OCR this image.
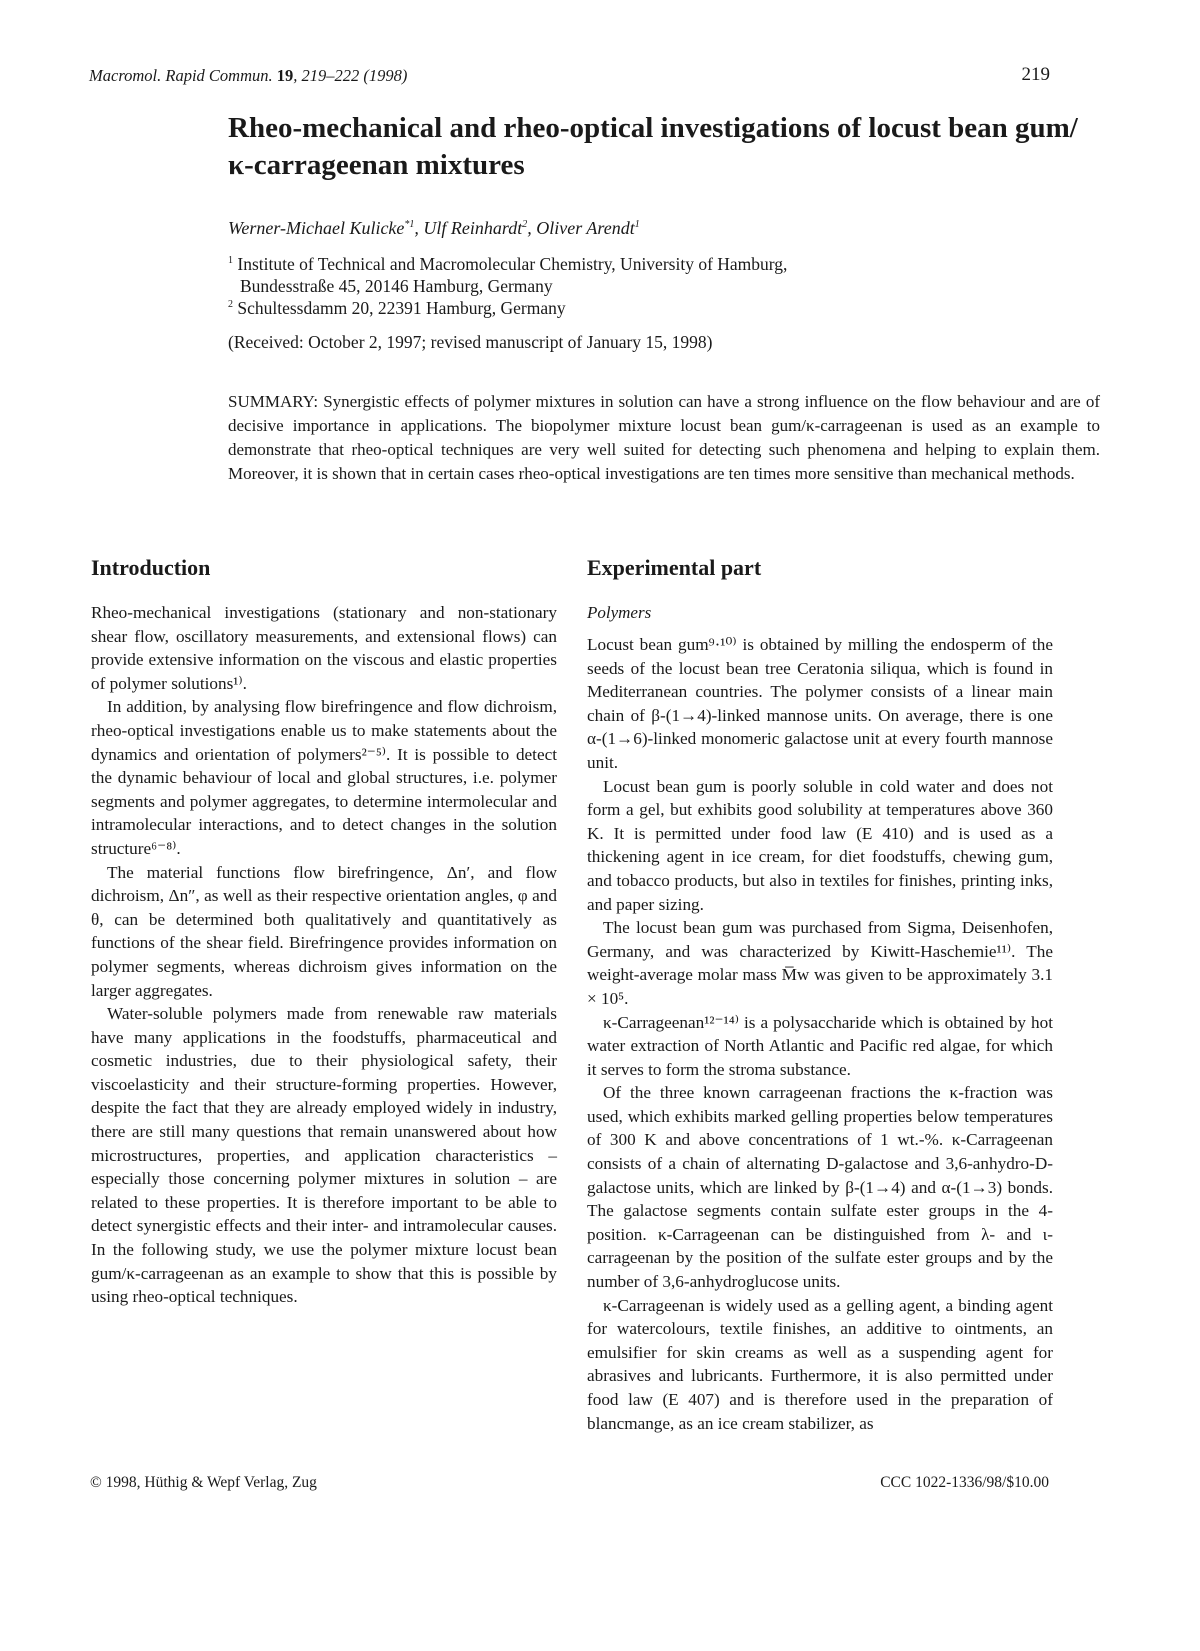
Macromol. Rapid Commun. 19, 219–222 (1998)	219
Rheo-mechanical and rheo-optical investigations of locust bean gum/κ-carrageenan mixtures
Werner-Michael Kulicke$^{*1}$, Ulf Reinhardt$^2$, Oliver Arendt$^1$
$^1$ Institute of Technical and Macromolecular Chemistry, University of Hamburg,
Bundesstraße 45, 20146 Hamburg, Germany
$^2$ Schultessdamm 20, 22391 Hamburg, Germany
(Received: October 2, 1997; revised manuscript of January 15, 1998)
SUMMARY: Synergistic effects of polymer mixtures in solution can have a strong influence on the flow behaviour and are of decisive importance in applications. The biopolymer mixture locust bean gum/κ-carrageenan is used as an example to demonstrate that rheo-optical techniques are very well suited for detecting such phenomena and helping to explain them. Moreover, it is shown that in certain cases rheo-optical investigations are ten times more sensitive than mechanical methods.
Introduction

Rheo-mechanical investigations (stationary and non-stationary shear flow, oscillatory measurements, and extensional flows) can provide extensive information on the viscous and elastic properties of polymer solutions¹⁾.

In addition, by analysing flow birefringence and flow dichroism, rheo-optical investigations enable us to make statements about the dynamics and orientation of polymers²⁻⁵⁾. It is possible to detect the dynamic behaviour of local and global structures, i.e. polymer segments and polymer aggregates, to determine intermolecular and intramolecular interactions, and to detect changes in the solution structure⁶⁻⁸⁾.

The material functions flow birefringence, Δn′, and flow dichroism, Δn″, as well as their respective orientation angles, φ and θ, can be determined both qualitatively and quantitatively as functions of the shear field. Birefringence provides information on polymer segments, whereas dichroism gives information on the larger aggregates.

Water-soluble polymers made from renewable raw materials have many applications in the foodstuffs, pharmaceutical and cosmetic industries, due to their physiological safety, their viscoelasticity and their structure-forming properties. However, despite the fact that they are already employed widely in industry, there are still many questions that remain unanswered about how microstructures, properties, and application characteristics – especially those concerning polymer mixtures in solution – are related to these properties. It is therefore important to be able to detect synergistic effects and their inter- and intramolecular causes. In the following study, we use the polymer mixture locust bean gum/κ-carrageenan as an example to show that this is possible by using rheo-optical techniques.

Experimental part
Polymers

Locust bean gum⁹·¹⁰⁾ is obtained by milling the endosperm of the seeds of the locust bean tree Ceratonia siliqua, which is found in Mediterranean countries. The polymer consists of a linear main chain of β-(1→4)-linked mannose units. On average, there is one α-(1→6)-linked monomeric galactose unit at every fourth mannose unit.

Locust bean gum is poorly soluble in cold water and does not form a gel, but exhibits good solubility at temperatures above 360 K. It is permitted under food law (E 410) and is used as a thickening agent in ice cream, for diet foodstuffs, chewing gum, and tobacco products, but also in textiles for finishes, printing inks, and paper sizing.

The locust bean gum was purchased from Sigma, Deisenhofen, Germany, and was characterized by Kiwitt-Haschemie¹¹⁾. The weight-average molar mass M̅w was given to be approximately 3.1 × 10⁵.

κ-Carrageenan¹²⁻¹⁴⁾ is a polysaccharide which is obtained by hot water extraction of North Atlantic and Pacific red algae, for which it serves to form the stroma substance.

Of the three known carrageenan fractions the κ-fraction was used, which exhibits marked gelling properties below temperatures of 300 K and above concentrations of 1 wt.-%. κ-Carrageenan consists of a chain of alternating D-galactose and 3,6-anhydro-D-galactose units, which are linked by β-(1→4) and α-(1→3) bonds. The galactose segments contain sulfate ester groups in the 4-position. κ-Carrageenan can be distinguished from λ- and ι-carrageenan by the position of the sulfate ester groups and by the number of 3,6-anhydroglucose units.

κ-Carrageenan is widely used as a gelling agent, a binding agent for watercolours, textile finishes, an additive to ointments, an emulsifier for skin creams as well as a suspending agent for abrasives and lubricants. Furthermore, it is also permitted under food law (E 407) and is therefore used in the preparation of blancmange, as an ice cream stabilizer, as

© 1998, Hüthig & Wepf Verlag, Zug	CCC 1022-1336/98/$10.00
